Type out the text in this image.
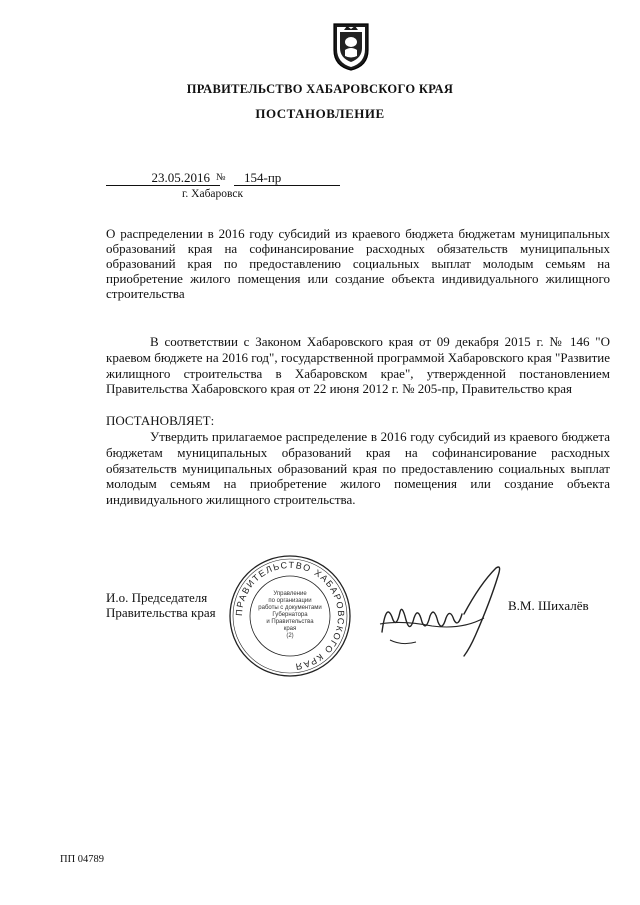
ПРАВИТЕЛЬСТВО ХАБАРОВСКОГО КРАЯ
ПОСТАНОВЛЕНИЕ
23.05.2016 №	154-пр
г. Хабаровск
О распределении в 2016 году субсидий из краевого бюджета бюджетам муниципальных образований края на софинансирование расходных обязательств муниципальных образований края по предоставлению социальных выплат молодым семьям на приобретение жилого помещения или создание объекта индивидуального жилищного строительства
В соответствии с Законом Хабаровского края от 09 декабря 2015 г. № 146 "О краевом бюджете на 2016 год", государственной программой Хабаровского края "Развитие жилищного строительства в Хабаровском крае", утвержденной постановлением Правительства Хабаровского края от 22 июня 2012 г. № 205-пр, Правительство края
ПОСТАНОВЛЯЕТ:
Утвердить прилагаемое распределение в 2016 году субсидий из краевого бюджета бюджетам муниципальных образований края на софинансирование расходных обязательств муниципальных образований края по предоставлению социальных выплат молодым семьям на приобретение жилого помещения или создание объекта индивидуального жилищного строительства.
И.о. Председателя
Правительства края ПРАВИТЕЛЬСТВО ХАБАРОВСКОГО КРАЯ
Управление
по организации
работы с документами
Губернатора
и Правительства
края
(2)
В.М. Шихалёв
ПП 04789
